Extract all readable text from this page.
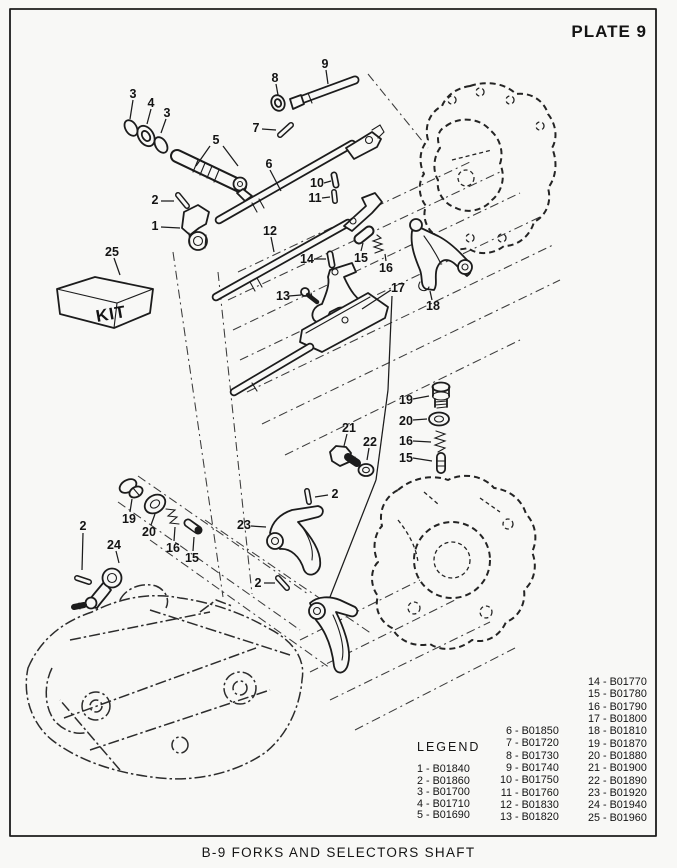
KIT
3
4
3
8
9
7
5
2
1
6
10
11
12
14	15
16
13
17
18
19
20
16
15
21
22
2
25
19
20
16
15
2
24
23
2
PLATE 9
LEGEND
1 - B01840
2 - B01860
3 - B01700
4 - B01710
5 - B01690
6 - B01850
7 - B01720
8 - B01730
9 - B01740
10 - B01750
11 - B01760
12 - B01830
13 - B01820
14 - B01770
15 - B01780
16 - B01790
17 - B01800
18 - B01810
19 - B01870
20 - B01880
21 - B01900
22 - B01890
23 - B01920
24 - B01940
25 - B01960
B-9 FORKS AND SELECTORS SHAFT
